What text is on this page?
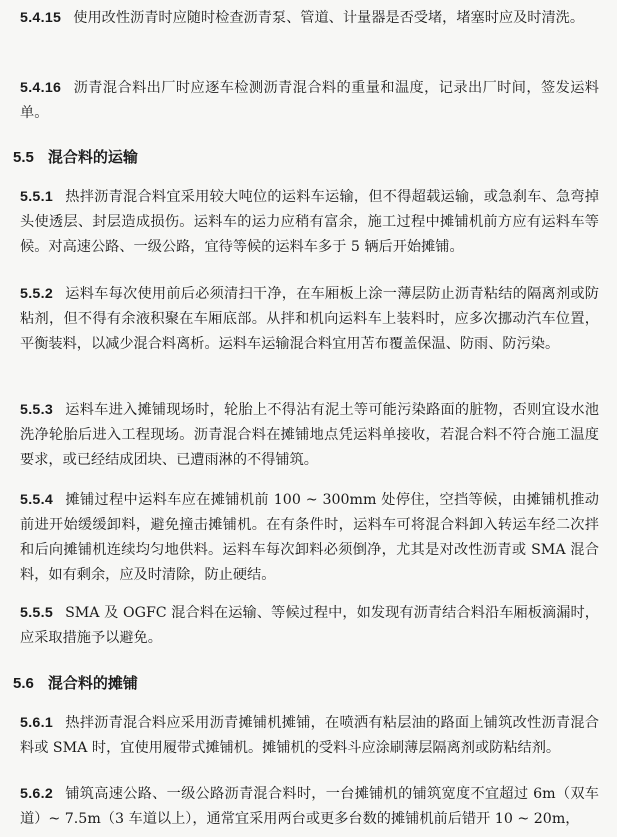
5.4.15 使用改性沥青时应随时检查沥青泵、管道、计量器是否受堵，堵塞时应及时清洗。

5.4.16 沥青混合料出厂时应逐车检测沥青混合料的重量和温度，记录出厂时间，签发运料单。

5.5 混合料的运输

5.5.1 热拌沥青混合料宜采用较大吨位的运料车运输，但不得超载运输，或急刹车、急弯掉头使透层、封层造成损伤。运料车的运力应稍有富余，施工过程中摊铺机前方应有运料车等候。对高速公路、一级公路，宜待等候的运料车多于 5 辆后开始摊铺。

5.5.2 运料车每次使用前后必须清扫干净，在车厢板上涂一薄层防止沥青粘结的隔离剂或防粘剂，但不得有余液积聚在车厢底部。从拌和机向运料车上装料时，应多次挪动汽车位置，平衡装料，以减少混合料离析。运料车运输混合料宜用苫布覆盖保温、防雨、防污染。

5.5.3 运料车进入摊铺现场时，轮胎上不得沾有泥土等可能污染路面的脏物，否则宜设水池洗净轮胎后进入工程现场。沥青混合料在摊铺地点凭运料单接收，若混合料不符合施工温度要求，或已经结成团块、已遭雨淋的不得铺筑。

5.5.4 摊铺过程中运料车应在摊铺机前 100 ~ 300mm 处停住，空挡等候，由摊铺机推动前进开始缓缓卸料，避免撞击摊铺机。在有条件时，运料车可将混合料卸入转运车经二次拌和后向摊铺机连续均匀地供料。运料车每次卸料必须倒净，尤其是对改性沥青或 SMA 混合料，如有剩余，应及时清除，防止硬结。

5.5.5 SMA 及 OGFC 混合料在运输、等候过程中，如发现有沥青结合料沿车厢板滴漏时，应采取措施予以避免。

5.6 混合料的摊铺

5.6.1 热拌沥青混合料应采用沥青摊铺机摊铺，在喷洒有粘层油的路面上铺筑改性沥青混合料或 SMA 时，宜使用履带式摊铺机。摊铺机的受料斗应涂刷薄层隔离剂或防粘结剂。

5.6.2 铺筑高速公路、一级公路沥青混合料时，一台摊铺机的铺筑宽度不宜超过 6m（双车道）~ 7.5m（3 车道以上），通常宜采用两台或更多台数的摊铺机前后错开 10 ~ 20m，
